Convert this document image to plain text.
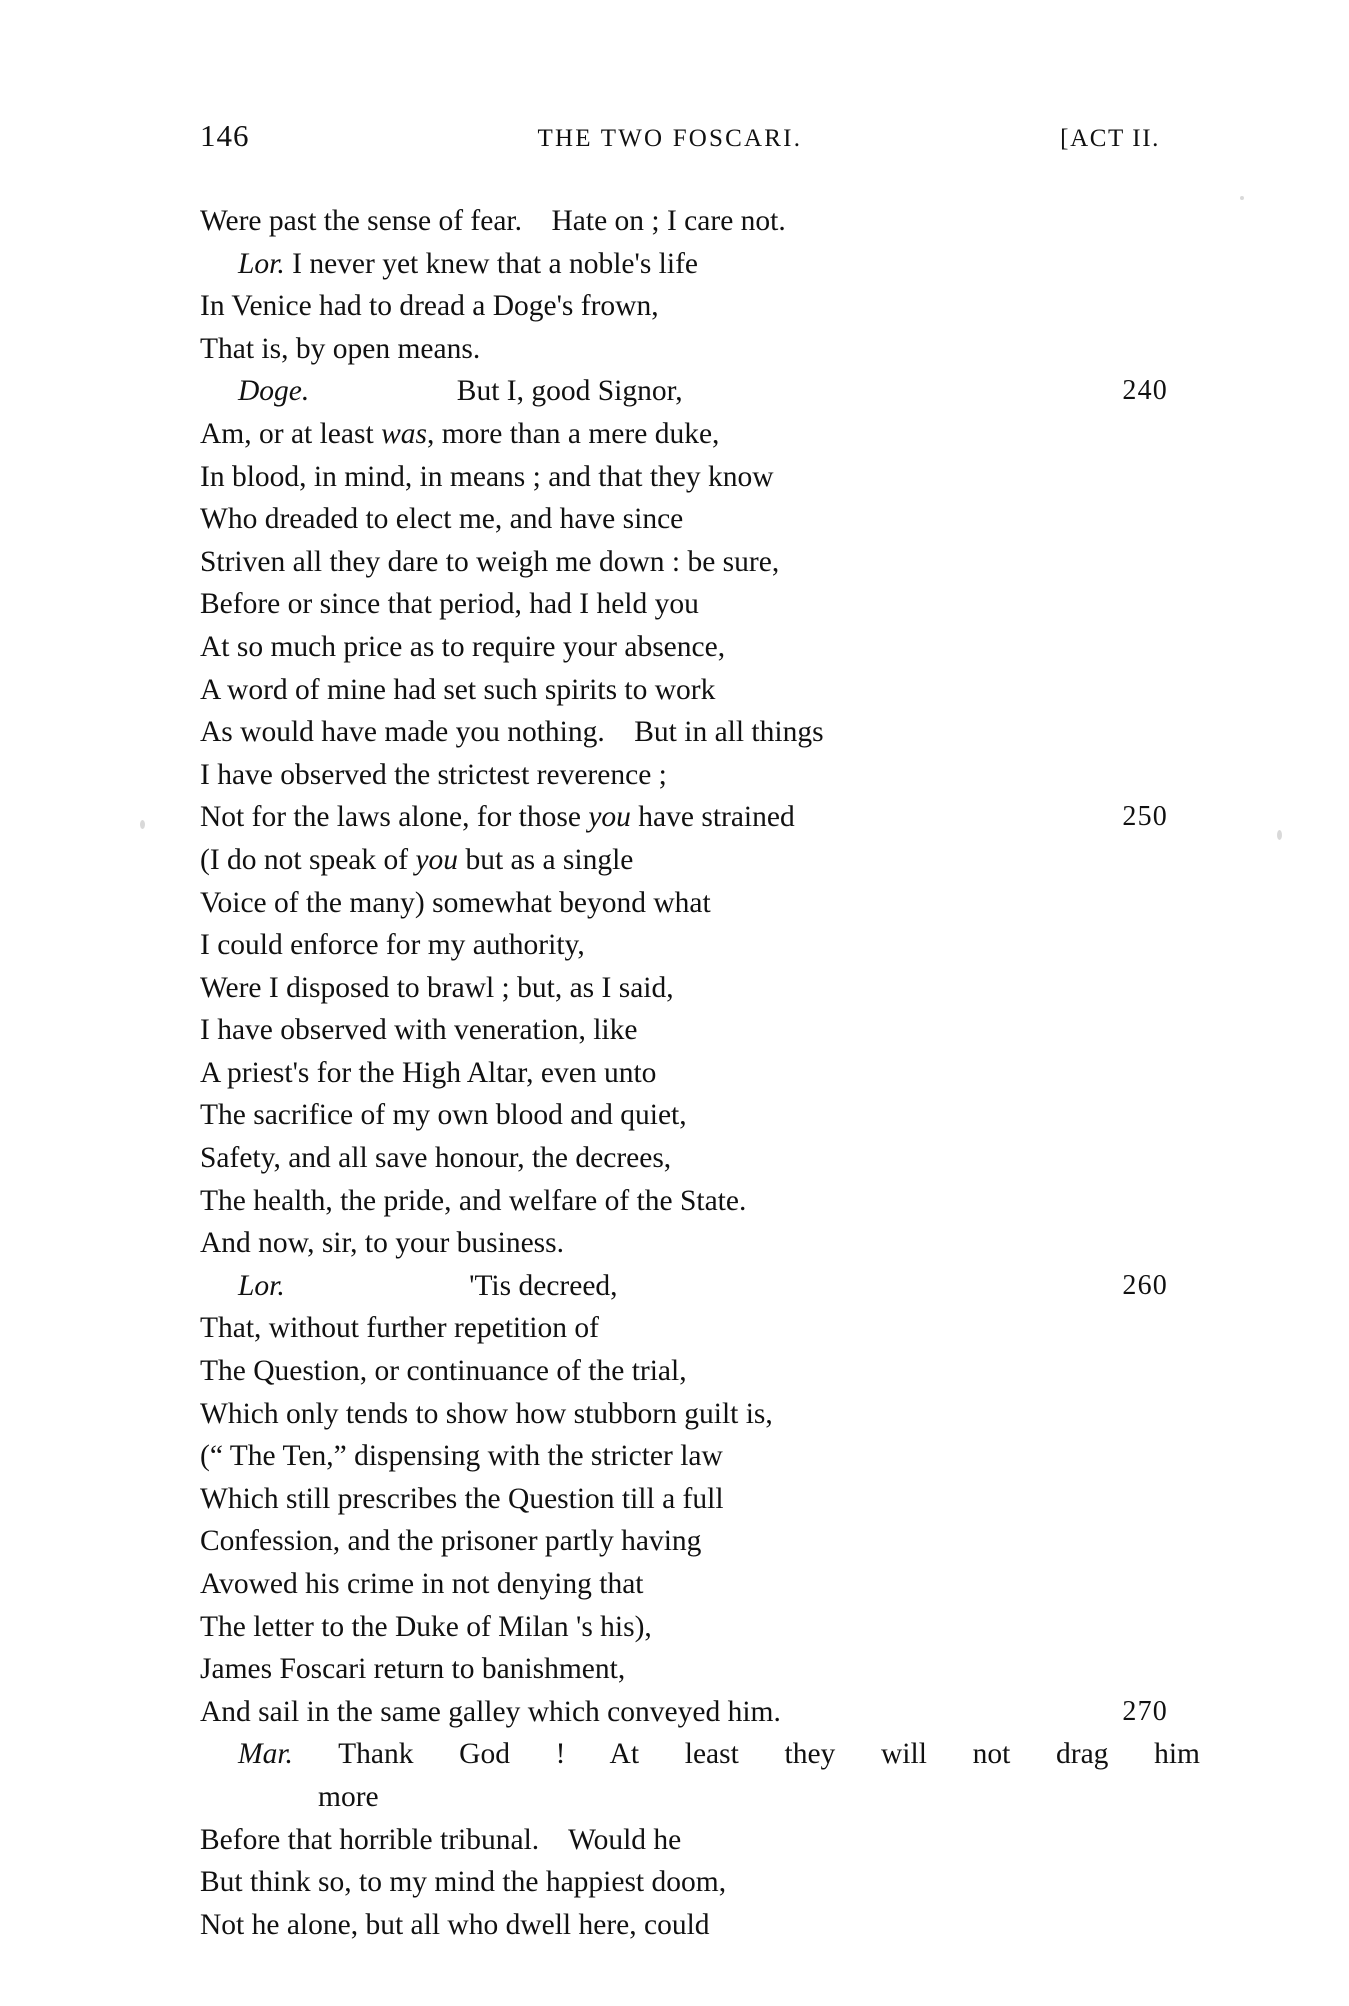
146	THE TWO FOSCARI.	[ACT II.
Were past the sense of fear.    Hate on ; I care not.
Lor. I never yet knew that a noble's life
In Venice had to dread a Doge's frown,
That is, by open means.
Doge.                    But I, good Signor,	240
Am, or at least was, more than a mere duke,
In blood, in mind, in means ; and that they know
Who dreaded to elect me, and have since
Striven all they dare to weigh me down : be sure,
Before or since that period, had I held you
At so much price as to require your absence,
A word of mine had set such spirits to work
As would have made you nothing.    But in all things
I have observed the strictest reverence ;
Not for the laws alone, for those you have strained	250
(I do not speak of you but as a single
Voice of the many) somewhat beyond what
I could enforce for my authority,
Were I disposed to brawl ; but, as I said,
I have observed with veneration, like
A priest's for the High Altar, even unto
The sacrifice of my own blood and quiet,
Safety, and all save honour, the decrees,
The health, the pride, and welfare of the State.
And now, sir, to your business.
Lor.                         'Tis decreed,	260
That, without further repetition of
The Question, or continuance of the trial,
Which only tends to show how stubborn guilt is,
(“ The Ten,” dispensing with the stricter law
Which still prescribes the Question till a full
Confession, and the prisoner partly having
Avowed his crime in not denying that
The letter to the Duke of Milan 's his),
James Foscari return to banishment,
And sail in the same galley which conveyed him.	270
Mar. Thank God ! At least they will not drag him
more
Before that horrible tribunal.    Would he
But think so, to my mind the happiest doom,
Not he alone, but all who dwell here, could
